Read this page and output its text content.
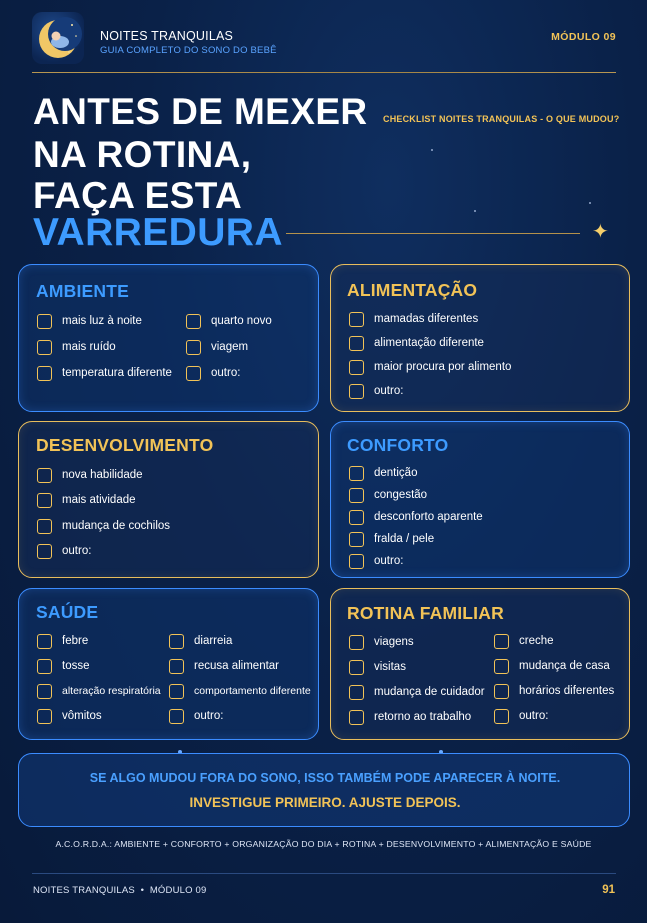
NOITES TRANQUILAS
GUIA COMPLETO DO SONO DO BEBÊ
MÓDULO 09
ANTES DE MEXER
NA ROTINA,
FAÇA ESTA
VARREDURA
CHECKLIST NOITES TRANQUILAS - O QUE MUDOU?
✦
AMBIENTE
mais luz à noite
mais ruído
temperatura diferente
quarto novo
viagem
outro:
ALIMENTAÇÃO
mamadas diferentes
alimentação diferente
maior procura por alimento
outro:
DESENVOLVIMENTO
nova habilidade
mais atividade
mudança de cochilos
outro:
CONFORTO
dentição
congestão
desconforto aparente
fralda / pele
outro:
SAÚDE
febre
tosse
alteração respiratória
vômitos
diarreia
recusa alimentar
comportamento diferente
outro:
ROTINA FAMILIAR
viagens
visitas
mudança de cuidador
retorno ao trabalho
creche
mudança de casa
horários diferentes
outro:
SE ALGO MUDOU FORA DO SONO, ISSO TAMBÉM PODE APARECER À NOITE.
INVESTIGUE PRIMEIRO. AJUSTE DEPOIS.
A.C.O.R.D.A.: AMBIENTE + CONFORTO + ORGANIZAÇÃO DO DIA + ROTINA + DESENVOLVIMENTO + ALIMENTAÇÃO E SAÚDE
NOITES TRANQUILAS  •  MÓDULO 09	91
